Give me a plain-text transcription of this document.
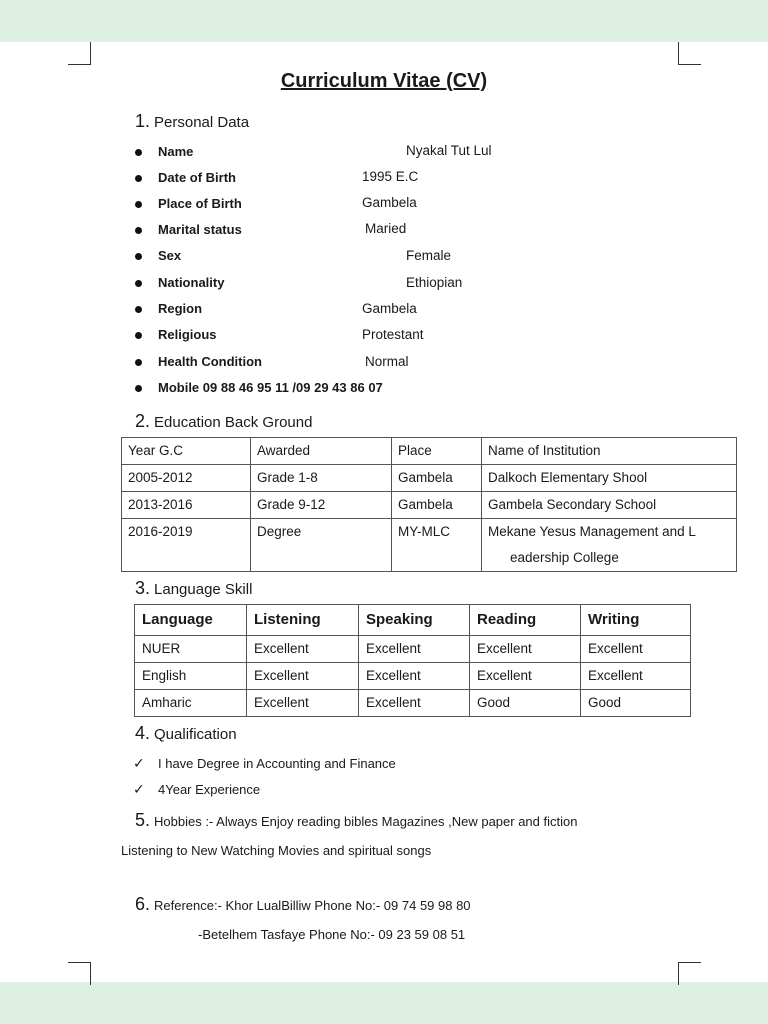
Curriculum Vitae (CV)
1. Personal Data
Name	Nyakal Tut Lul
Date of Birth	1995 E.C
Place of Birth	Gambela
Marital status	Maried
Sex	Female
Nationality	Ethiopian
Region	Gambela
Religious	Protestant
Health Condition	Normal
Mobile 09 88 46 95 11 /09 29 43 86 07
2. Education Back Ground
Year G.C	Awarded	Place	Name of Institution
2005-2012	Grade 1-8	Gambela	Dalkoch Elementary Shool
2013-2016	Grade 9-12	Gambela	Gambela Secondary School
2016-2019	Degree	MY-MLC	Mekane Yesus Management and L
eadership College
3. Language Skill
Language	Listening	Speaking	Reading	Writing
NUER	Excellent	Excellent	Excellent	Excellent
English	Excellent	Excellent	Excellent	Excellent
Amharic	Excellent	Excellent	Good	Good
4. Qualification
✓ I have Degree in Accounting and Finance
✓ 4Year Experience
5. Hobbies :- Always Enjoy reading bibles Magazines ,New paper and fiction
Listening to New Watching Movies and spiritual songs
6. Reference:- Khor LualBilliw Phone No:- 09 74 59 98 80
-Betelhem Tasfaye Phone No:- 09 23 59 08 51
